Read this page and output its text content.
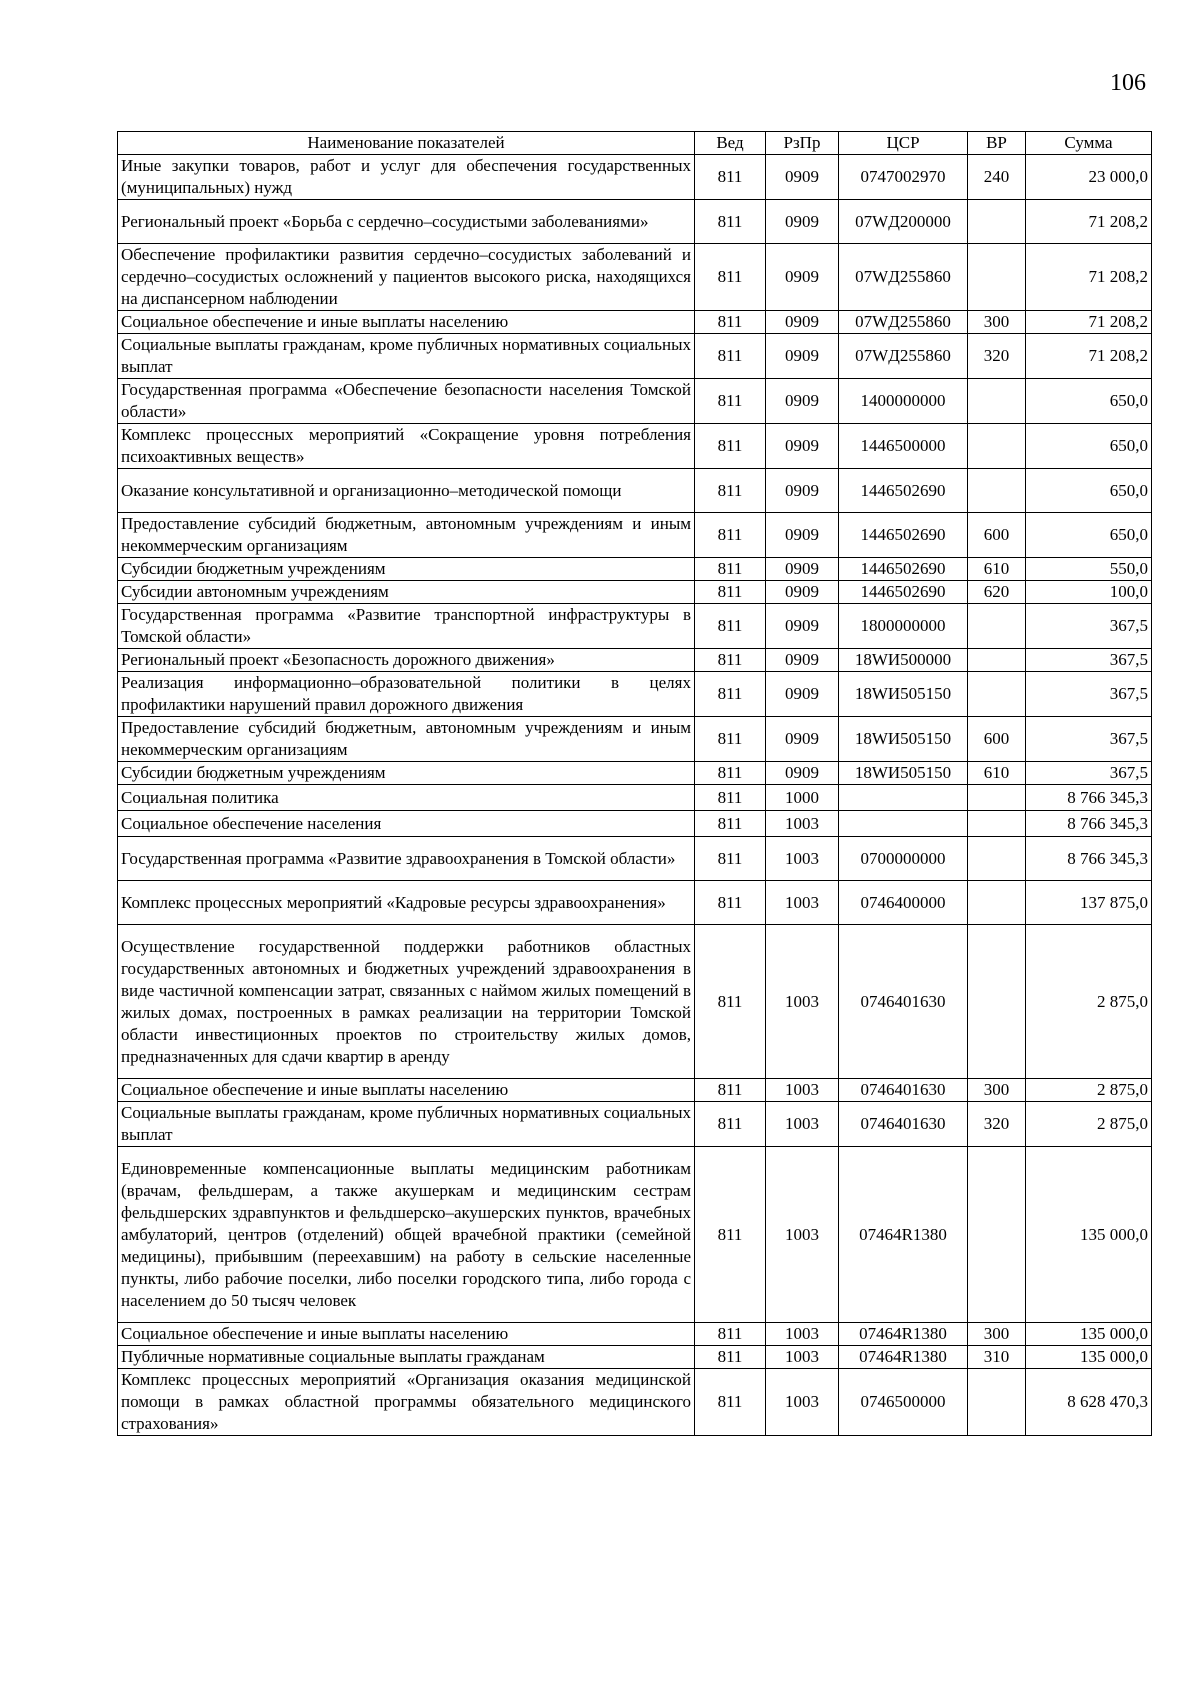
106
Наименование показателей	Вед	РзПр	ЦСР	ВР	Сумма
Иные закупки товаров, работ и услуг для обеспечения государственных (муниципальных) нужд	811	0909	0747002970	240	23 000,0
Региональный проект «Борьба с сердечно–сосудистыми заболеваниями»	811	0909	07WД200000		71 208,2
Обеспечение профилактики развития сердечно–сосудистых заболеваний и сердечно–сосудистых осложнений у пациентов высокого риска, находящихся на диспансерном наблюдении	811	0909	07WД255860		71 208,2
Социальное обеспечение и иные выплаты населению	811	0909	07WД255860	300	71 208,2
Социальные выплаты гражданам, кроме публичных нормативных социальных выплат	811	0909	07WД255860	320	71 208,2
Государственная программа «Обеспечение безопасности населения Томской области»	811	0909	1400000000		650,0
Комплекс процессных мероприятий «Сокращение уровня потребления психоактивных веществ»	811	0909	1446500000		650,0
Оказание консультативной и организационно–методической помощи	811	0909	1446502690		650,0
Предоставление субсидий бюджетным, автономным учреждениям и иным некоммерческим организациям	811	0909	1446502690	600	650,0
Субсидии бюджетным учреждениям	811	0909	1446502690	610	550,0
Субсидии автономным учреждениям	811	0909	1446502690	620	100,0
Государственная программа «Развитие транспортной инфраструктуры в Томской области»	811	0909	1800000000		367,5
Региональный проект «Безопасность дорожного движения»	811	0909	18WИ500000		367,5
Реализация информационно–образовательной политики в целях профилактики нарушений правил дорожного движения	811	0909	18WИ505150		367,5
Предоставление субсидий бюджетным, автономным учреждениям и иным некоммерческим организациям	811	0909	18WИ505150	600	367,5
Субсидии бюджетным учреждениям	811	0909	18WИ505150	610	367,5
Социальная политика	811	1000			8 766 345,3
Социальное обеспечение населения	811	1003			8 766 345,3
Государственная программа «Развитие здравоохранения в Томской области»	811	1003	0700000000		8 766 345,3
Комплекс процессных мероприятий «Кадровые ресурсы здравоохранения»	811	1003	0746400000		137 875,0
Осуществление государственной поддержки работников областных государственных автономных и бюджетных учреждений здравоохранения в виде частичной компенсации затрат, связанных с наймом жилых помещений в жилых домах, построенных в рамках реализации на территории Томской области инвестиционных проектов по строительству жилых домов, предназначенных для сдачи квартир в аренду	811	1003	0746401630		2 875,0
Социальное обеспечение и иные выплаты населению	811	1003	0746401630	300	2 875,0
Социальные выплаты гражданам, кроме публичных нормативных социальных выплат	811	1003	0746401630	320	2 875,0
Единовременные компенсационные выплаты медицинским работникам (врачам, фельдшерам, а также акушеркам и медицинским сестрам фельдшерских здравпунктов и фельдшерско–акушерских пунктов, врачебных амбулаторий, центров (отделений) общей врачебной практики (семейной медицины), прибывшим (переехавшим) на работу в сельские населенные пункты, либо рабочие поселки, либо поселки городского типа, либо города с населением до 50 тысяч человек	811	1003	07464R1380		135 000,0
Социальное обеспечение и иные выплаты населению	811	1003	07464R1380	300	135 000,0
Публичные нормативные социальные выплаты гражданам	811	1003	07464R1380	310	135 000,0
Комплекс процессных мероприятий «Организация оказания медицинской помощи в рамках областной программы обязательного медицинского страхования»	811	1003	0746500000		8 628 470,3
